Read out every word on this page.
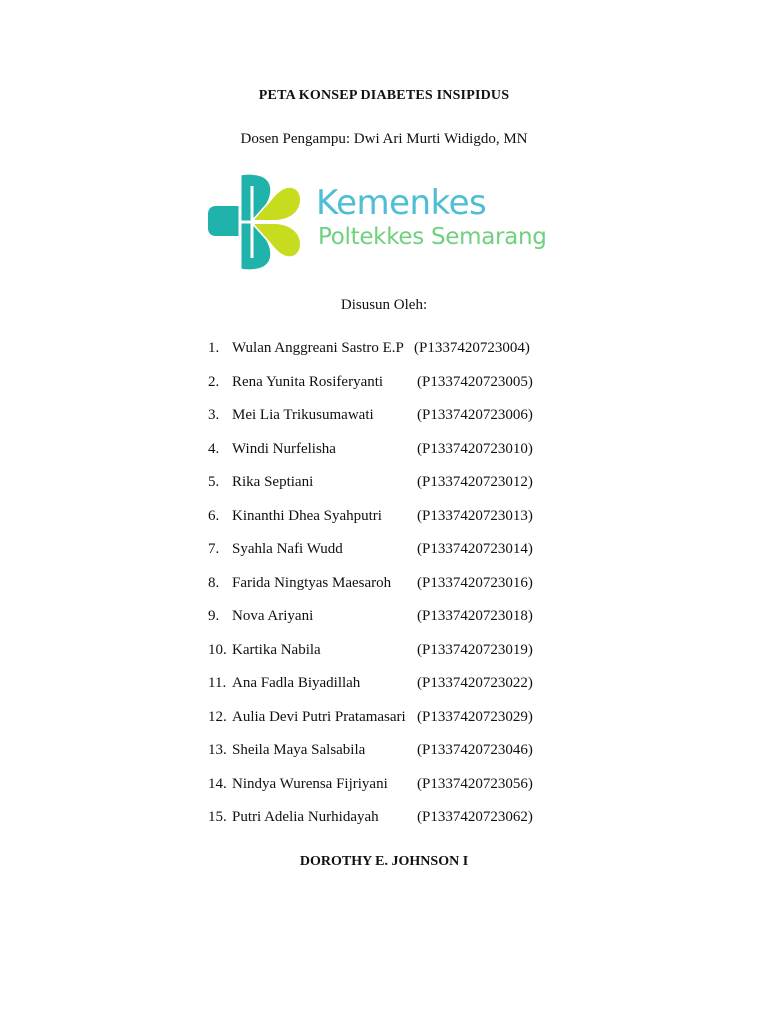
PETA KONSEP DIABETES INSIPIDUS
Dosen Pengampu: Dwi Ari Murti Widigdo, MN
Kemenkes
Poltekkes Semarang
Disusun Oleh:
1. Wulan Anggreani Sastro E.P (P1337420723004)
2. Rena Yunita Rosiferyanti (P1337420723005)
3. Mei Lia Trikusumawati	(P1337420723006)
4. Windi Nurfelisha	(P1337420723010)
5. Rika Septiani	(P1337420723012)
6. Kinanthi Dhea Syahputri (P1337420723013)
7. Syahla Nafi Wudd	(P1337420723014)
8. Farida Ningtyas Maesaroh (P1337420723016)
9. Nova Ariyani	(P1337420723018)
10. Kartika Nabila	(P1337420723019)
11. Ana Fadla Biyadillah	(P1337420723022)
12. Aulia Devi Putri Pratamasari (P1337420723029)
13. Sheila Maya Salsabila	(P1337420723046)
14. Nindya Wurensa Fijriyani (P1337420723056)
15. Putri Adelia Nurhidayah	(P1337420723062)
DOROTHY E. JOHNSON I
